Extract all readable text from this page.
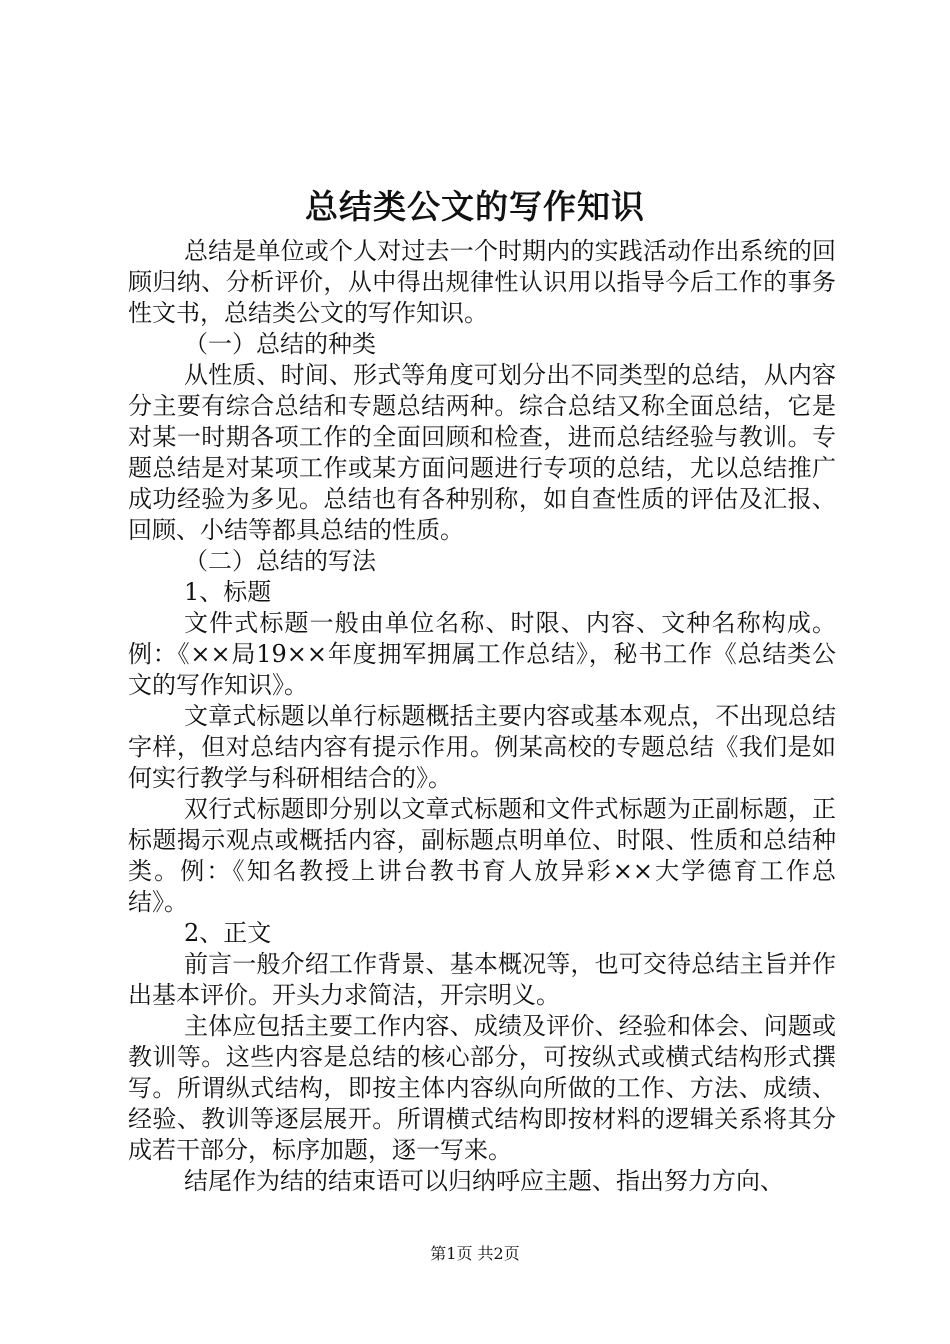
总结类公文的写作知识

总结是单位或个人对过去一个时期内的实践活动作出系统的回顾归纳、分析评价，从中得出规律性认识用以指导今后工作的事务性文书，总结类公文的写作知识。

（一）总结的种类

从性质、时间、形式等角度可划分出不同类型的总结，从内容分主要有综合总结和专题总结两种。综合总结又称全面总结，它是对某一时期各项工作的全面回顾和检查，进而总结经验与教训。专题总结是对某项工作或某方面问题进行专项的总结，尤以总结推广成功经验为多见。总结也有各种别称，如自查性质的评估及汇报、回顾、小结等都具总结的性质。

（二）总结的写法

1、标题

文件式标题一般由单位名称、时限、内容、文种名称构成。例：《××局19××年度拥军拥属工作总结》，秘书工作《总结类公文的写作知识》。

文章式标题以单行标题概括主要内容或基本观点，不出现总结字样，但对总结内容有提示作用。例某高校的专题总结《我们是如何实行教学与科研相结合的》。

双行式标题即分别以文章式标题和文件式标题为正副标题，正标题揭示观点或概括内容，副标题点明单位、时限、性质和总结种类。例：《知名教授上讲台教书育人放异彩××大学德育工作总结》。

2、正文

前言一般介绍工作背景、基本概况等，也可交待总结主旨并作出基本评价。开头力求简洁，开宗明义。

主体应包括主要工作内容、成绩及评价、经验和体会、问题或教训等。这些内容是总结的核心部分，可按纵式或横式结构形式撰写。所谓纵式结构，即按主体内容纵向所做的工作、方法、成绩、经验、教训等逐层展开。所谓横式结构即按材料的逻辑关系将其分成若干部分，标序加题，逐一写来。

结尾作为结的结束语可以归纳呼应主题、指出努力方向、

第1页 共2页
